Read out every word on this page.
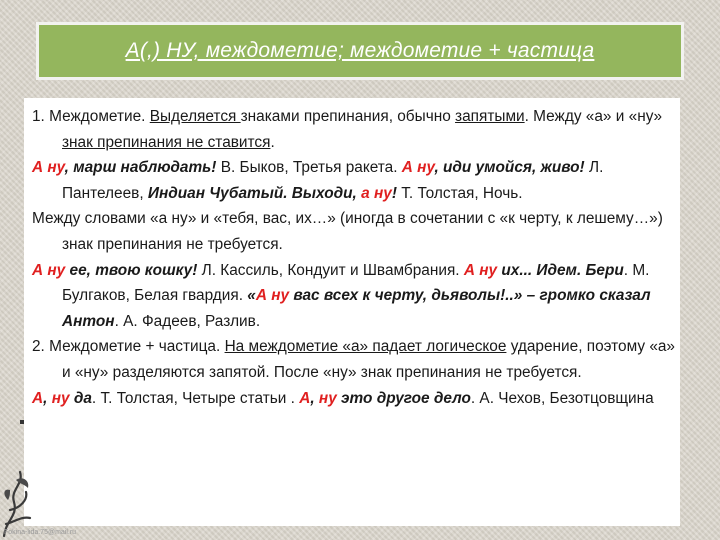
А(,) НУ, междометие; междометие + частица

1. Междометие. Выделяется знаками препинания, обычно запятыми. Между «а» и «ну» знак препинания не ставится.

А ну, марш наблюдать! В. Быков, Третья ракета. А ну, иди умойся, живо! Л. Пантелеев, Индиан Чубатый. Выходи, а ну! Т. Толстая, Ночь.

Между словами «а ну» и «тебя, вас, их…» (иногда в сочетании с «к черту, к лешему…») знак препинания не требуется.

А ну ее, твою кошку! Л. Кассиль, Кондуит и Швамбрания. А ну их... Идем. Бери. М. Булгаков, Белая гвардия. «А ну вас всех к черту, дьяволы!..» – громко сказал Антон. А. Фадеев, Разлив.

2. Междометие + частица. На междометие «а» падает логическое ударение, поэтому «а» и «ну» разделяются запятой. После «ну» знак препинания не требуется.

А, ну да. Т. Толстая, Четыре статьи . А, ну это другое дело. А. Чехов, Безотцовщина

Fokina-lida.75@mail.ru
